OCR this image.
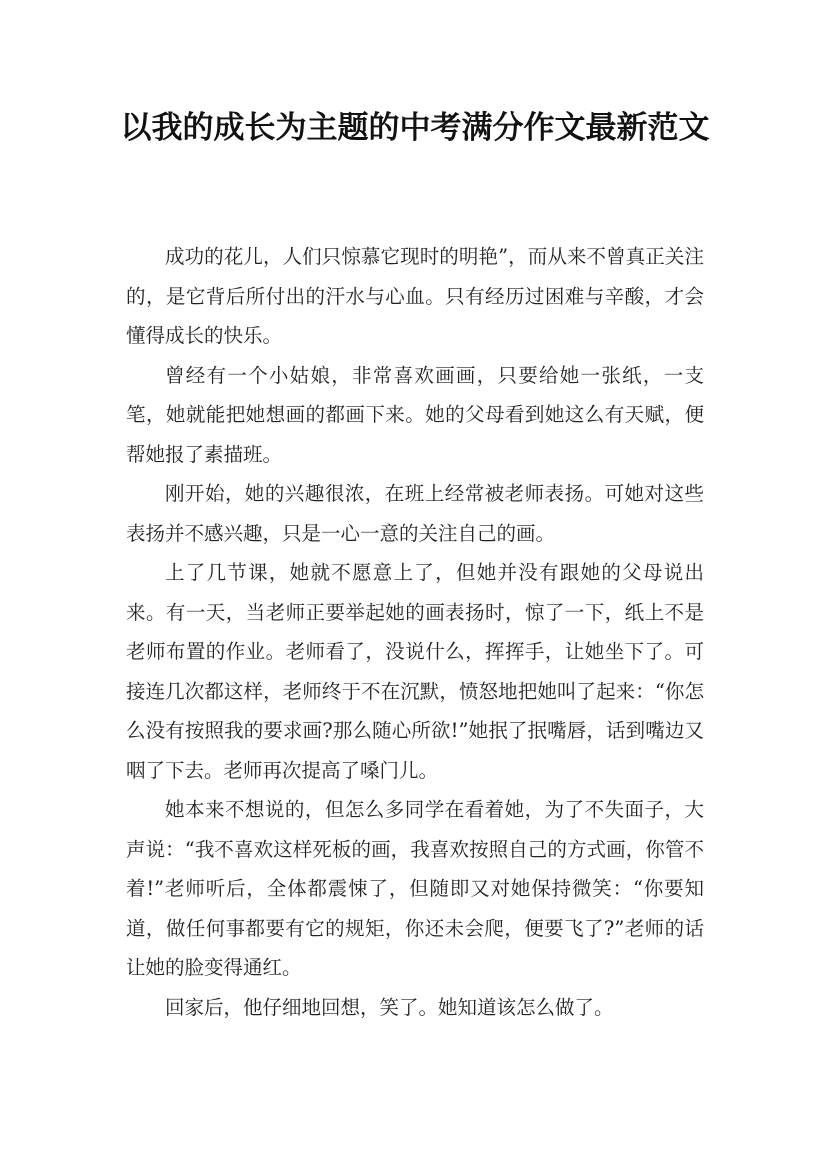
以我的成长为主题的中考满分作文最新范文

成功的花儿，人们只惊慕它现时的明艳”，而从来不曾真正关注的，是它背后所付出的汗水与心血。只有经历过困难与辛酸，才会懂得成长的快乐。

曾经有一个小姑娘，非常喜欢画画，只要给她一张纸，一支笔，她就能把她想画的都画下来。她的父母看到她这么有天赋，便帮她报了素描班。

刚开始，她的兴趣很浓，在班上经常被老师表扬。可她对这些表扬并不感兴趣，只是一心一意的关注自己的画。

上了几节课，她就不愿意上了，但她并没有跟她的父母说出来。有一天，当老师正要举起她的画表扬时，惊了一下，纸上不是老师布置的作业。老师看了，没说什么，挥挥手，让她坐下了。可接连几次都这样，老师终于不在沉默，愤怒地把她叫了起来：“你怎么没有按照我的要求画?那么随心所欲!”她抿了抿嘴唇，话到嘴边又咽了下去。老师再次提高了嗓门儿。

她本来不想说的，但怎么多同学在看着她，为了不失面子，大声说：“我不喜欢这样死板的画，我喜欢按照自己的方式画，你管不着!”老师听后，全体都震悚了，但随即又对她保持微笑：“你要知道，做任何事都要有它的规矩，你还未会爬，便要飞了?”老师的话让她的脸变得通红。

回家后，他仔细地回想，笑了。她知道该怎么做了。
